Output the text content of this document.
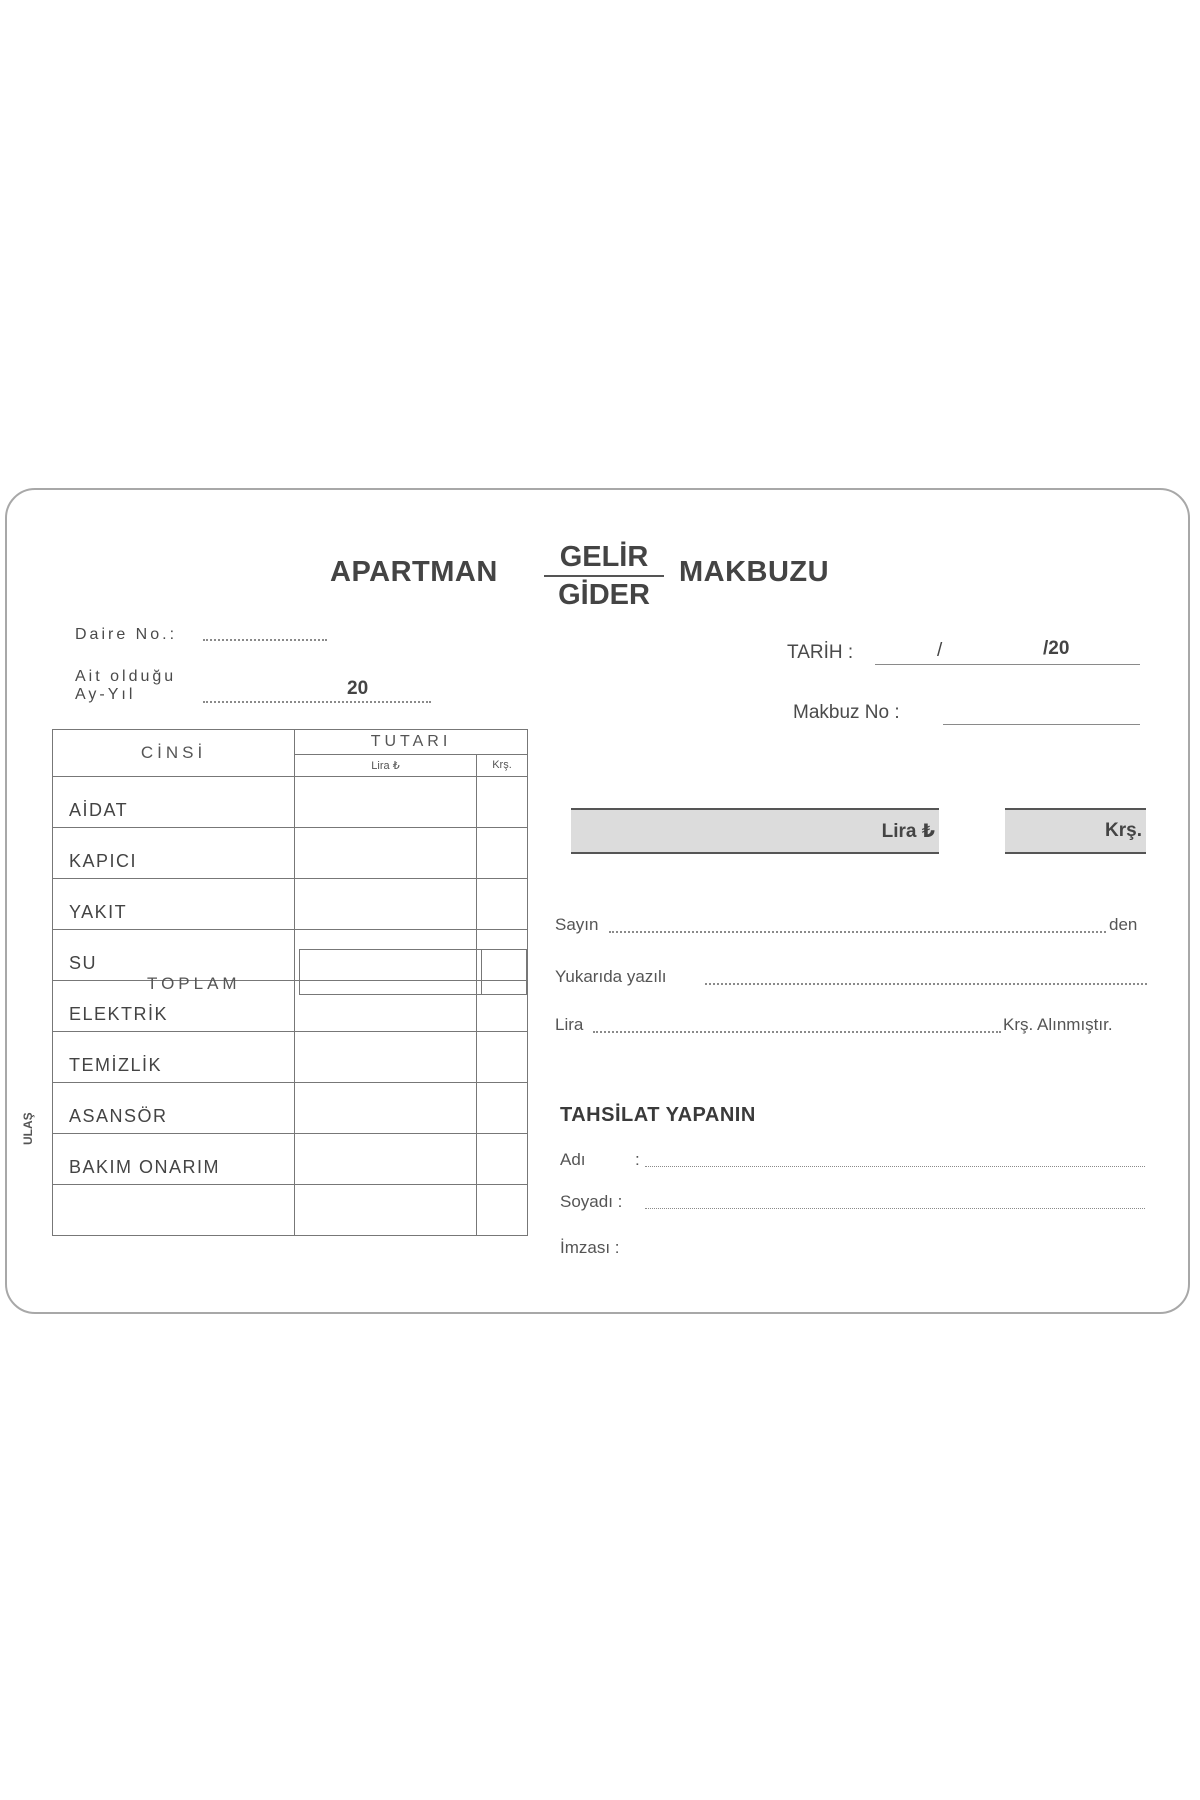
APARTMAN	GELİR
GİDER
MAKBUZU
Daire No.:
Ait olduğu
Ay-Yıl	20
CİNSİ	TUTARI	
	Lira ₺	Krş.
AİDAT		
KAPICI		
YAKIT		
SU		
ELEKTRİK		
TEMİZLİK		
ASANSÖR		
BAKIM ONARIM		

TOPLAM
TARİH :	/	/20
Makbuz No :
Lira ₺	Krş.
Sayın	den
Yukarıda yazılı
Lira	Krş. Alınmıştır.
TAHSİLAT YAPANIN
Adı	:
Soyadı :
İmzası :
ULAŞ
